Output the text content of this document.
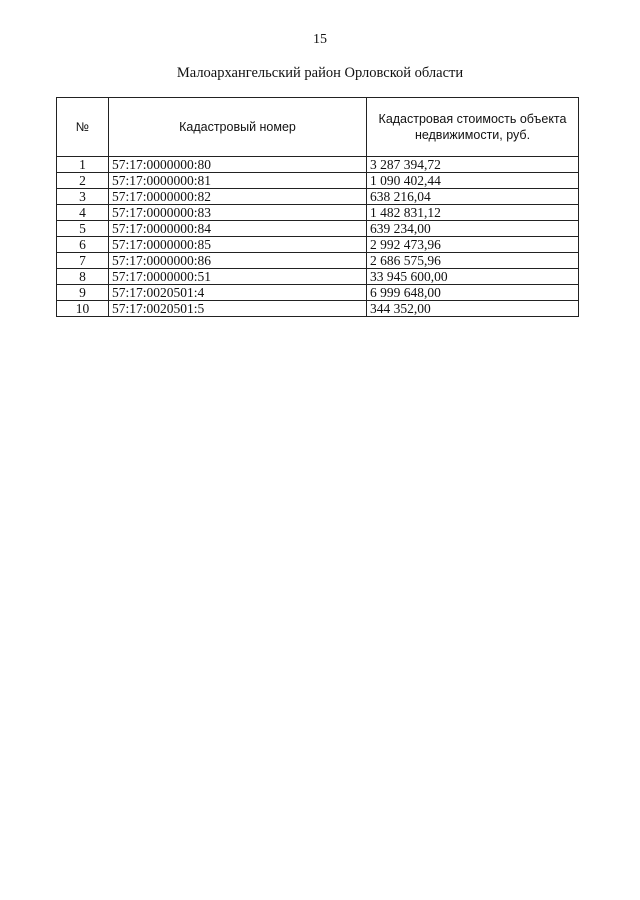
15
Малоархангельский район Орловской области
№	Кадастровый номер	Кадастровая стоимость объекта недвижимости, руб.
1	57:17:0000000:80	3 287 394,72
2	57:17:0000000:81	1 090 402,44
3	57:17:0000000:82	638 216,04
4	57:17:0000000:83	1 482 831,12
5	57:17:0000000:84	639 234,00
6	57:17:0000000:85	2 992 473,96
7	57:17:0000000:86	2 686 575,96
8	57:17:0000000:51	33 945 600,00
9	57:17:0020501:4	6 999 648,00
10	57:17:0020501:5	344 352,00
